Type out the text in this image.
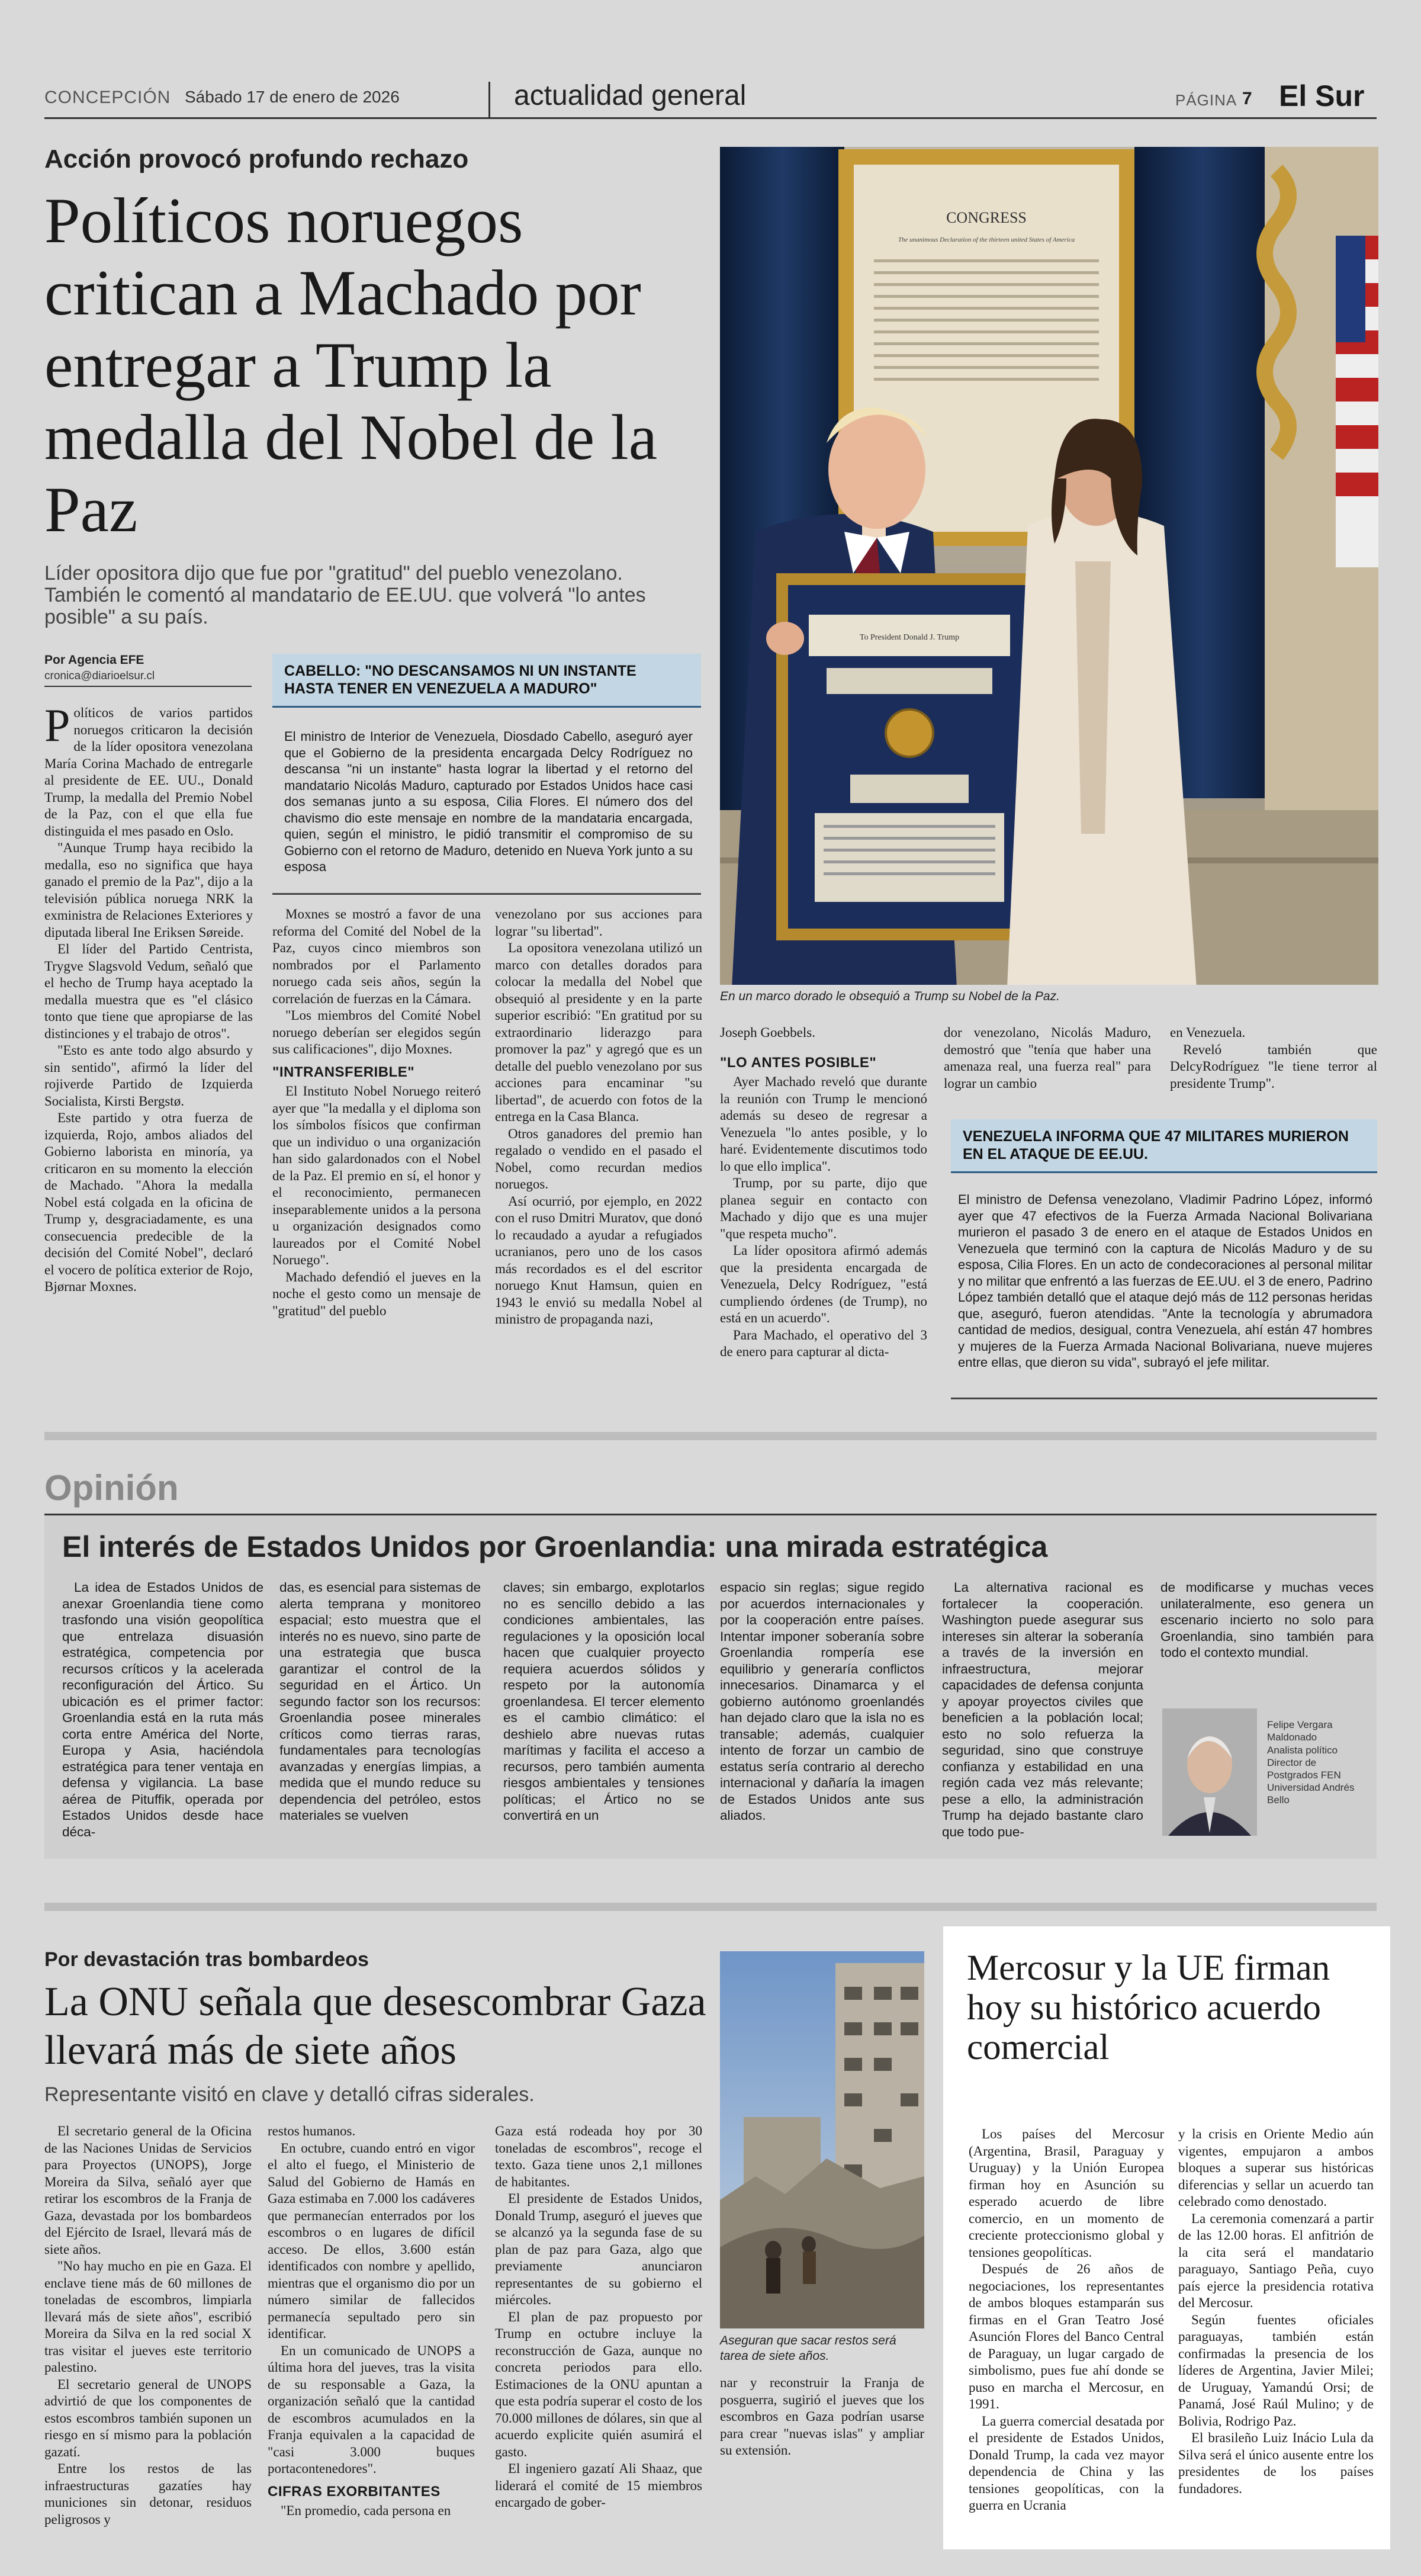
CONCEPCIÓN Sábado 17 de enero de 2026	actualidad general	PÁGINA 7 El Sur
Acción provocó profundo rechazo
Políticos noruegos critican a Machado por entregar a Trump la medalla del Nobel de la Paz
Líder opositora dijo que fue por "gratitud" del pueblo venezolano. También le comentó al mandatario de EE.UU. que volverá "lo antes posible" a su país.
Por Agencia EFE
cronica@diarioelsur.cl
CONGRESS
The unanimous Declaration of the thirteen united States of America
To President Donald J. Trump
En un marco dorado le obsequió a Trump su Nobel de la Paz.

Políticos de varios partidos noruegos criticaron la decisión de la líder opositora venezolana María Corina Machado de entregarle al presidente de EE. UU., Donald Trump, la medalla del Premio Nobel de la Paz, con el que ella fue distinguida el mes pasado en Oslo.

"Aunque Trump haya recibido la medalla, eso no significa que haya ganado el premio de la Paz", dijo a la televisión pública noruega NRK la exministra de Relaciones Exteriores y diputada liberal Ine Eriksen Søreide.

El líder del Partido Centrista, Trygve Slagsvold Vedum, señaló que el hecho de Trump haya aceptado la medalla muestra que es "el clásico tonto que tiene que apropiarse de las distinciones y el trabajo de otros".

"Esto es ante todo algo absurdo y sin sentido", afirmó la líder del rojiverde Partido de Izquierda Socialista, Kirsti Bergstø.

Este partido y otra fuerza de izquierda, Rojo, ambos aliados del Gobierno laborista en minoría, ya criticaron en su momento la elección de Machado. "Ahora la medalla Nobel está colgada en la oficina de Trump y, desgraciadamente, es una consecuencia predecible de la decisión del Comité Nobel", declaró el vocero de política exterior de Rojo, Bjørnar Moxnes.

CABELLO: "NO DESCANSAMOS NI UN INSTANTE HASTA TENER EN VENEZUELA A MADURO"
El ministro de Interior de Venezuela, Diosdado Cabello, aseguró ayer que el Gobierno de la presidenta encargada Delcy Rodríguez no descansa "ni un instante" hasta lograr la libertad y el retorno del mandatario Nicolás Maduro, capturado por Estados Unidos hace casi dos semanas junto a su esposa, Cilia Flores. El número dos del chavismo dio este mensaje en nombre de la mandataria encargada, quien, según el ministro, le pidió transmitir el compromiso de su Gobierno con el retorno de Maduro, detenido en Nueva York junto a su esposa

Moxnes se mostró a favor de una reforma del Comité del Nobel de la Paz, cuyos cinco miembros son nombrados por el Parlamento noruego cada seis años, según la correlación de fuerzas en la Cámara.

"Los miembros del Comité Nobel noruego deberían ser elegidos según sus calificaciones", dijo Moxnes.

"INTRANSFERIBLE"

El Instituto Nobel Noruego reiteró ayer que "la medalla y el diploma son los símbolos físicos que confirman que un individuo o una organización han sido galardonados con el Nobel de la Paz. El premio en sí, el honor y el reconocimiento, permanecen inseparablemente unidos a la persona u organización designados como laureados por el Comité Nobel Noruego".

Machado defendió el jueves en la noche el gesto como un mensaje de "gratitud" del pueblo

venezolano por sus acciones para lograr "su libertad".

La opositora venezolana utilizó un marco con detalles dorados para colocar la medalla del Nobel que obsequió al presidente y en la parte superior escribió: "En gratitud por su extraordinario liderazgo para promover la paz" y agregó que es un detalle del pueblo venezolano por sus acciones para encaminar "su libertad", de acuerdo con fotos de la entrega en la Casa Blanca.

Otros ganadores del premio han regalado o vendido en el pasado el Nobel, como recurdan medios noruegos.

Así ocurrió, por ejemplo, en 2022 con el ruso Dmitri Muratov, que donó lo recaudado a ayudar a refugiados ucranianos, pero uno de los casos más recordados es el del escritor noruego Knut Hamsun, quien en 1943 le envió su medalla Nobel al ministro de propaganda nazi,

Joseph Goebbels.

"LO ANTES POSIBLE"

Ayer Machado reveló que durante la reunión con Trump le mencionó además su deseo de regresar a Venezuela "lo antes posible, y lo haré. Evidentemente discutimos todo lo que ello implica".

Trump, por su parte, dijo que planea seguir en contacto con Machado y dijo que es una mujer "que respeta mucho".

La líder opositora afirmó además que la presidenta encargada de Venezuela, Delcy Rodríguez, "está cumpliendo órdenes (de Trump), no está en un acuerdo".

Para Machado, el operativo del 3 de enero para capturar al dicta-

dor venezolano, Nicolás Maduro, demostró que "tenía que haber una amenaza real, una fuerza real" para lograr un cambio

en Venezuela.

Reveló también que DelcyRodríguez "le tiene terror al presidente Trump".

VENEZUELA INFORMA QUE 47 MILITARES MURIERON EN EL ATAQUE DE EE.UU.
El ministro de Defensa venezolano, Vladimir Padrino López, informó ayer que 47 efectivos de la Fuerza Armada Nacional Bolivariana murieron el pasado 3 de enero en el ataque de Estados Unidos en Venezuela que terminó con la captura de Nicolás Maduro y de su esposa, Cilia Flores. En un acto de condecoraciones al personal militar y no militar que enfrentó a las fuerzas de EE.UU. el 3 de enero, Padrino López también detalló que el ataque dejó más de 112 personas heridas que, aseguró, fueron atendidas. "Ante la tecnología y abrumadora cantidad de medios, desigual, contra Venezuela, ahí están 47 hombres y mujeres de la Fuerza Armada Nacional Bolivariana, nueve mujeres entre ellas, que dieron su vida", subrayó el jefe militar.
Opinión
El interés de Estados Unidos por Groenlandia: una mirada estratégica

La idea de Estados Unidos de anexar Groenlandia tiene como trasfondo una visión geopolítica que entrelaza disuasión estratégica, competencia por recursos críticos y la acelerada reconfiguración del Ártico. Su ubicación es el primer factor: Groenlandia está en la ruta más corta entre América del Norte, Europa y Asia, haciéndola estratégica para tener ventaja en defensa y vigilancia. La base aérea de Pituffik, operada por Estados Unidos desde hace déca-

das, es esencial para sistemas de alerta temprana y monitoreo espacial; esto muestra que el interés no es nuevo, sino parte de una estrategia que busca garantizar el control de la seguridad en el Ártico. Un segundo factor son los recursos: Groenlandia posee minerales críticos como tierras raras, fundamentales para tecnologías avanzadas y energías limpias, a medida que el mundo reduce su dependencia del petróleo, estos materiales se vuelven

claves; sin embargo, explotarlos no es sencillo debido a las condiciones ambientales, las regulaciones y la oposición local hacen que cualquier proyecto requiera acuerdos sólidos y respeto por la autonomía groenlandesa. El tercer elemento es el cambio climático: el deshielo abre nuevas rutas marítimas y facilita el acceso a recursos, pero también aumenta riesgos ambientales y tensiones políticas; el Ártico no se convertirá en un

espacio sin reglas; sigue regido por acuerdos internacionales y por la cooperación entre países. Intentar imponer soberanía sobre Groenlandia rompería ese equilibrio y generaría conflictos innecesarios. Dinamarca y el gobierno autónomo groenlandés han dejado claro que la isla no es transable; además, cualquier intento de forzar un cambio de estatus sería contrario al derecho internacional y dañaría la imagen de Estados Unidos ante sus aliados.

La alternativa racional es fortalecer la cooperación. Washington puede asegurar sus intereses sin alterar la soberanía a través de la inversión en infraestructura, mejorar capacidades de defensa conjunta y apoyar proyectos civiles que beneficien a la población local; esto no solo refuerza la seguridad, sino que construye confianza y estabilidad en una región cada vez más relevante; pese a ello, la administración Trump ha dejado bastante claro que todo pue-

de modificarse y muchas veces unilateralmente, eso genera un escenario incierto no solo para Groenlandia, sino también para todo el contexto mundial.

Felipe Vergara Maldonado
Analista político Director de Postgrados FEN Universidad Andrés Bello
Por devastación tras bombardeos
La ONU señala que desescombrar Gaza llevará más de siete años
Representante visitó en clave y detalló cifras siderales.

El secretario general de la Oficina de las Naciones Unidas de Servicios para Proyectos (UNOPS), Jorge Moreira da Silva, señaló ayer que retirar los escombros de la Franja de Gaza, devastada por los bombardeos del Ejército de Israel, llevará más de siete años.

"No hay mucho en pie en Gaza. El enclave tiene más de 60 millones de toneladas de escombros, limpiarla llevará más de siete años", escribió Moreira da Silva en la red social X tras visitar el jueves este territorio palestino.

El secretario general de UNOPS advirtió de que los componentes de estos escombros también suponen un riesgo en sí mismo para la población gazatí.

Entre los restos de las infraestructuras gazatíes hay municiones sin detonar, residuos peligrosos y

restos humanos.

En octubre, cuando entró en vigor el alto el fuego, el Ministerio de Salud del Gobierno de Hamás en Gaza estimaba en 7.000 los cadáveres que permanecían enterrados por los escombros o en lugares de difícil acceso. De ellos, 3.600 están identificados con nombre y apellido, mientras que el organismo dio por un número similar de fallecidos permanecía sepultado pero sin identificar.

En un comunicado de UNOPS a última hora del jueves, tras la visita de su responsable a Gaza, la organización señaló que la cantidad de escombros acumulados en la Franja equivalen a la capacidad de "casi 3.000 buques portacontenedores".

CIFRAS EXORBITANTES

"En promedio, cada persona en

Gaza está rodeada hoy por 30 toneladas de escombros", recoge el texto. Gaza tiene unos 2,1 millones de habitantes.

El presidente de Estados Unidos, Donald Trump, aseguró el jueves que se alcanzó ya la segunda fase de su plan de paz para Gaza, algo que previamente anunciaron representantes de su gobierno el miércoles.

El plan de paz propuesto por Trump en octubre incluye la reconstrucción de Gaza, aunque no concreta periodos para ello. Estimaciones de la ONU apuntan a que esta podría superar el costo de los 70.000 millones de dólares, sin que al acuerdo explicite quién asumirá el gasto.

El ingeniero gazatí Ali Shaaz, que liderará el comité de 15 miembros encargado de gober-

Aseguran que sacar restos será tarea de siete años.

nar y reconstruir la Franja de posguerra, sugirió el jueves que los escombros en Gaza podrían usarse para crear "nuevas islas" y ampliar su extensión.

Mercosur y la UE firman hoy su histórico acuerdo comercial

Los países del Mercosur (Argentina, Brasil, Paraguay y Uruguay) y la Unión Europea firman hoy en Asunción su esperado acuerdo de libre comercio, en un momento de creciente proteccionismo global y tensiones geopolíticas.

Después de 26 años de negociaciones, los representantes de ambos bloques estamparán sus firmas en el Gran Teatro José Asunción Flores del Banco Central de Paraguay, un lugar cargado de simbolismo, pues fue ahí donde se puso en marcha el Mercosur, en 1991.

La guerra comercial desatada por el presidente de Estados Unidos, Donald Trump, la cada vez mayor dependencia de China y las tensiones geopolíticas, con la guerra en Ucrania

y la crisis en Oriente Medio aún vigentes, empujaron a ambos bloques a superar sus históricas diferencias y sellar un acuerdo tan celebrado como denostado.

La ceremonia comenzará a partir de las 12.00 horas. El anfitrión de la cita será el mandatario paraguayo, Santiago Peña, cuyo país ejerce la presidencia rotativa del Mercosur.

Según fuentes oficiales paraguayas, también están confirmadas la presencia de los líderes de Argentina, Javier Milei; de Uruguay, Yamandú Orsi; de Panamá, José Raúl Mulino; y de Bolivia, Rodrigo Paz.

El brasileño Luiz Inácio Lula da Silva será el único ausente entre los presidentes de los países fundadores.
